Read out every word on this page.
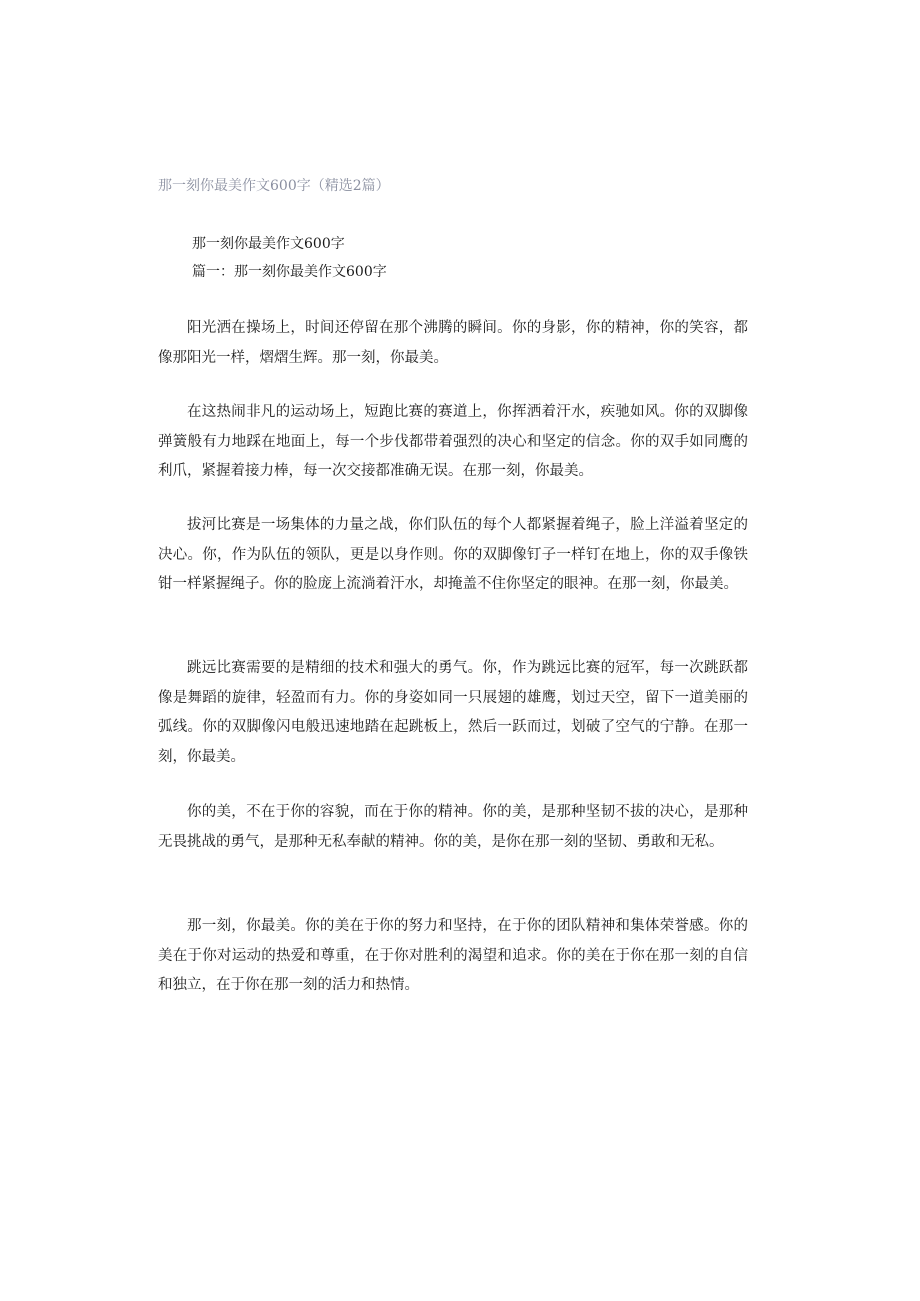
那一刻你最美作文600字（精选2篇）
那一刻你最美作文600字
篇一：那一刻你最美作文600字

阳光洒在操场上，时间还停留在那个沸腾的瞬间。你的身影，你的精神，你的笑容，都像那阳光一样，熠熠生辉。那一刻，你最美。

在这热闹非凡的运动场上，短跑比赛的赛道上，你挥洒着汗水，疾驰如风。你的双脚像弹簧般有力地踩在地面上，每一个步伐都带着强烈的决心和坚定的信念。你的双手如同鹰的利爪，紧握着接力棒，每一次交接都准确无误。在那一刻，你最美。

拔河比赛是一场集体的力量之战，你们队伍的每个人都紧握着绳子，脸上洋溢着坚定的决心。你，作为队伍的领队，更是以身作则。你的双脚像钉子一样钉在地上，你的双手像铁钳一样紧握绳子。你的脸庞上流淌着汗水，却掩盖不住你坚定的眼神。在那一刻，你最美。

跳远比赛需要的是精细的技术和强大的勇气。你，作为跳远比赛的冠军，每一次跳跃都像是舞蹈的旋律，轻盈而有力。你的身姿如同一只展翅的雄鹰，划过天空，留下一道美丽的弧线。你的双脚像闪电般迅速地踏在起跳板上，然后一跃而过，划破了空气的宁静。在那一刻，你最美。

你的美，不在于你的容貌，而在于你的精神。你的美，是那种坚韧不拔的决心，是那种无畏挑战的勇气，是那种无私奉献的精神。你的美，是你在那一刻的坚韧、勇敢和无私。

那一刻，你最美。你的美在于你的努力和坚持，在于你的团队精神和集体荣誉感。你的美在于你对运动的热爱和尊重，在于你对胜利的渴望和追求。你的美在于你在那一刻的自信和独立，在于你在那一刻的活力和热情。
